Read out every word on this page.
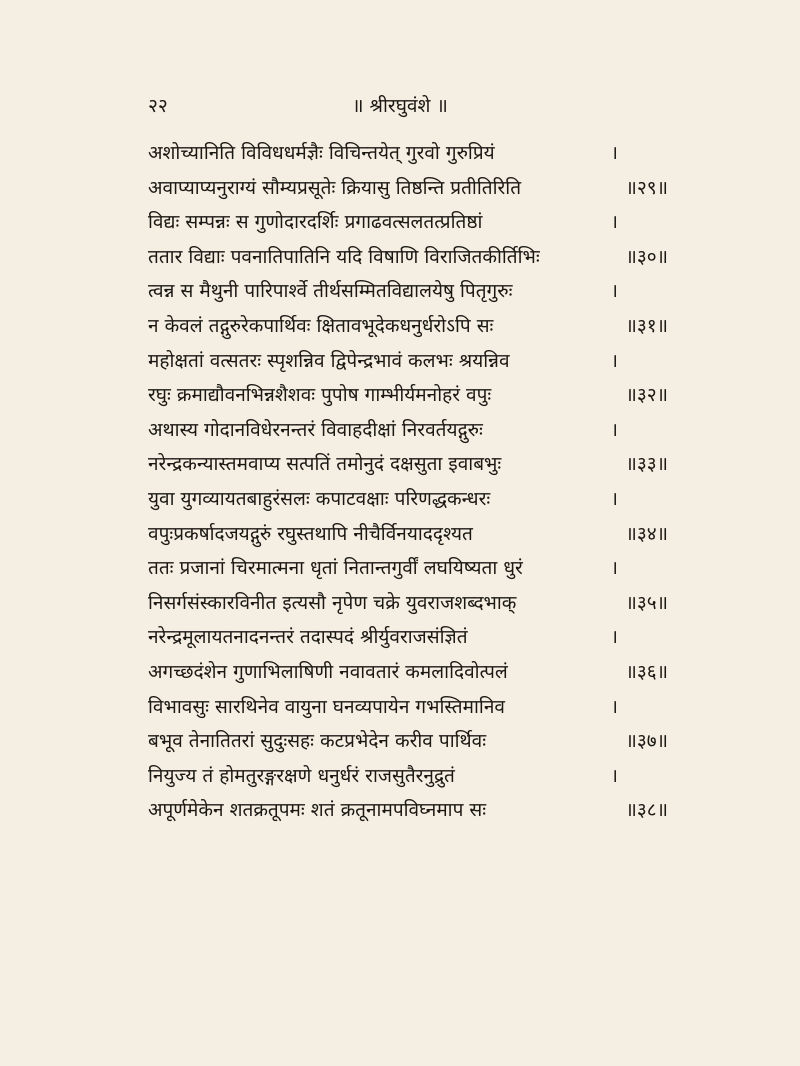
२२	॥ श्रीरघुवंशे ॥
अशोच्यानिति विविधधर्मज्ञैः विचिन्तयेत् गुरवो गुरुप्रियं	।
अवाप्याप्यनुराग्यं सौम्यप्रसूतेः क्रियासु तिष्ठन्ति प्रतीतिरिति	॥२९॥
विद्यः सम्पन्नः स गुणोदारदर्शिः प्रगाढवत्सलतत्प्रतिष्ठां	।
ततार विद्याः पवनातिपातिनि यदि विषाणि विराजितकीर्तिभिः	॥३०॥
त्वन्न स मैथुनी पारिपार्श्वे तीर्थसम्मितविद्यालयेषु पितृगुरुः	।
न केवलं तद्गुरुरेकपार्थिवः क्षितावभूदेकधनुर्धरोऽपि सः	॥३१॥
महोक्षतां वत्सतरः स्पृशन्निव द्विपेन्द्रभावं कलभः श्रयन्निव	।
रघुः क्रमाद्यौवनभिन्नशैशवः पुपोष गाम्भीर्यमनोहरं वपुः	॥३२॥
अथास्य गोदानविधेरनन्तरं विवाहदीक्षां निरवर्तयद्गुरुः	।
नरेन्द्रकन्यास्तमवाप्य सत्पतिं तमोनुदं दक्षसुता इवाबभुः	॥३३॥
युवा युगव्यायतबाहुरंसलः कपाटवक्षाः परिणद्धकन्धरः	।
वपुःप्रकर्षादजयद्गुरुं रघुस्तथापि नीचैर्विनयाददृश्यत	॥३४॥
ततः प्रजानां चिरमात्मना धृतां नितान्तगुर्वीं लघयिष्यता धुरं	।
निसर्गसंस्कारविनीत इत्यसौ नृपेण चक्रे युवराजशब्दभाक्	॥३५॥
नरेन्द्रमूलायतनादनन्तरं तदास्पदं श्रीर्युवराजसंज्ञितं	।
अगच्छदंशेन गुणाभिलाषिणी नवावतारं कमलादिवोत्पलं	॥३६॥
विभावसुः सारथिनेव वायुना घनव्यपायेन गभस्तिमानिव	।
बभूव तेनातितरां सुदुःसहः कटप्रभेदेन करीव पार्थिवः	॥३७॥
नियुज्य तं होमतुरङ्गरक्षणे धनुर्धरं राजसुतैरनुद्रुतं	।
अपूर्णमेकेन शतक्रतूपमः शतं क्रतूनामपविघ्नमाप सः	॥३८॥
